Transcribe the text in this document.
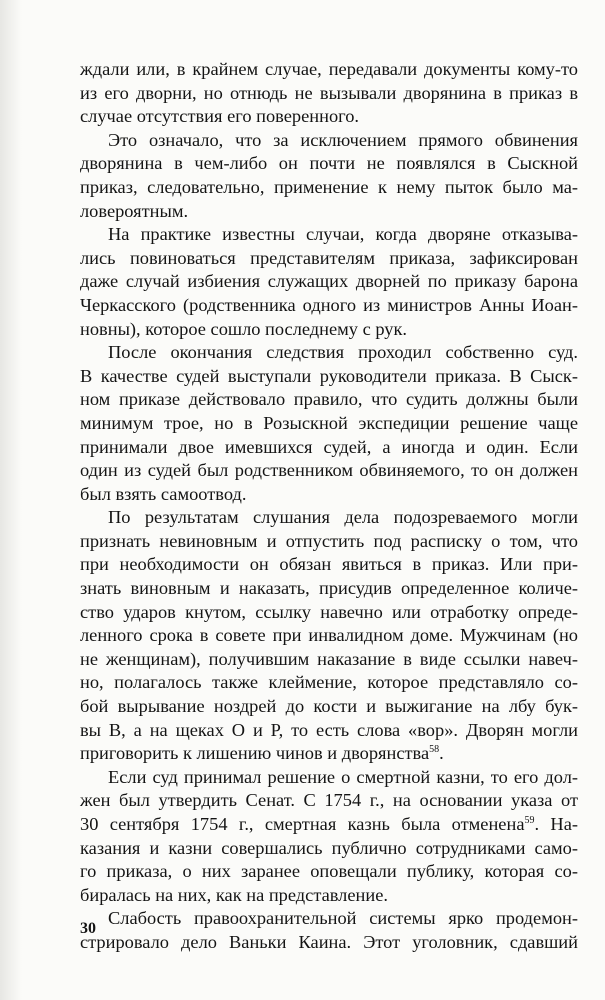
ждали или, в крайнем случае, передавали документы кому-то
из его дворни, но отнюдь не вызывали дворянина в приказ в
случае отсутствия его поверенного.
Это означало, что за исключением прямого обвинения
дворянина в чем-либо он почти не появлялся в Сыскной
приказ, следовательно, применение к нему пыток было ма-
ловероятным.
На практике известны случаи, когда дворяне отказыва-
лись повиноваться представителям приказа, зафиксирован
даже случай избиения служащих дворней по приказу барона
Черкасского (родственника одного из министров Анны Иоан-
новны), которое сошло последнему с рук.
После окончания следствия проходил собственно суд.
В качестве судей выступали руководители приказа. В Сыск-
ном приказе действовало правило, что судить должны были
минимум трое, но в Розыскной экспедиции решение чаще
принимали двое имевшихся судей, а иногда и один. Если
один из судей был родственником обвиняемого, то он должен
был взять самоотвод.
По результатам слушания дела подозреваемого могли
признать невиновным и отпустить под расписку о том, что
при необходимости он обязан явиться в приказ. Или при-
знать виновным и наказать, присудив определенное количе-
ство ударов кнутом, ссылку навечно или отработку опреде-
ленного срока в совете при инвалидном доме. Мужчинам (но
не женщинам), получившим наказание в виде ссылки навеч-
но, полагалось также клеймение, которое представляло со-
бой вырывание ноздрей до кости и выжигание на лбу бук-
вы В, а на щеках О и Р, то есть слова «вор». Дворян могли
приговорить к лишению чинов и дворянства$^{58}$.
Если суд принимал решение о смертной казни, то его дол-
жен был утвердить Сенат. С 1754 г., на основании указа от
30 сентября 1754 г., смертная казнь была отменена$^{59}$. На-
казания и казни совершались публично сотрудниками само-
го приказа, о них заранее оповещали публику, которая со-
биралась на них, как на представление.
Слабость правоохранительной системы ярко продемон-
стрировало дело Ваньки Каина. Этот уголовник, сдавший
30
